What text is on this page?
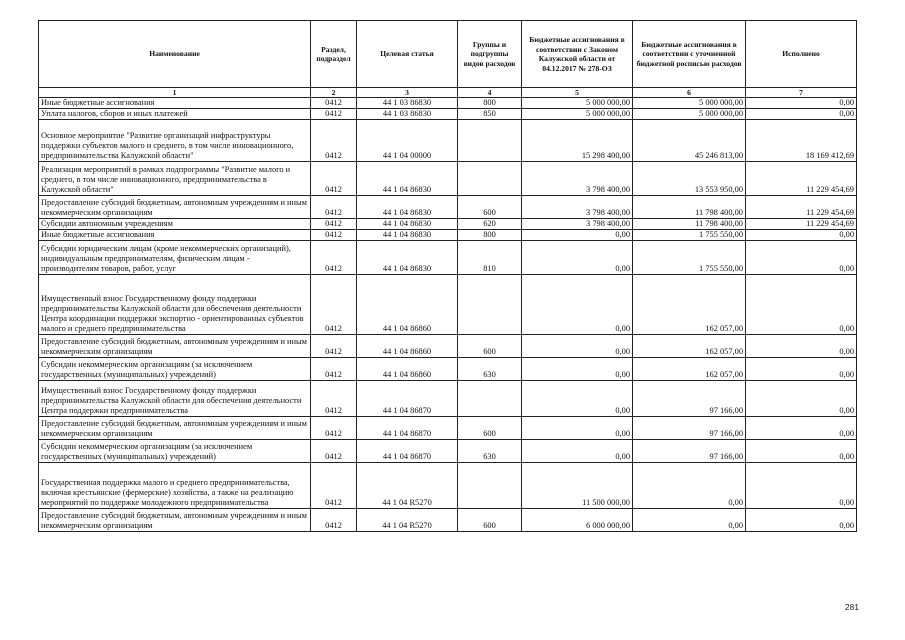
Наименование	Раздел, подраздел	Целевая статья	Группы и подгруппы видов расходов	Бюджетные ассигнования в соответствии с Законом Калужской области от 04.12.2017 № 278-ОЗ	Бюджетные ассигнования в соответствии с уточненной бюджетной росписью расходов	Исполнено
1	2	3	4	5	6	7
Иные бюджетные ассигнования	0412	44 1 03 86830	800	5 000 000,00	5 000 000,00	0,00
Уплата налогов, сборов и иных платежей	0412	44 1 03 86830	850	5 000 000,00	5 000 000,00	0,00
Основное мероприятие "Развитие организаций инфраструктуры поддержки субъектов малого и среднего, в том числе инновационного, предпринимательства Калужской области"	0412	44 1 04 00000		15 298 400,00	45 246 813,00	18 169 412,69
Реализация мероприятий в рамках подпрограммы "Развитие малого и среднего, в том числе инновационного, предпринимательства в Калужской области"	0412	44 1 04 86830		3 798 400,00	13 553 950,00	11 229 454,69
Предоставление субсидий бюджетным, автономным учреждениям и иным некоммерческим организациям	0412	44 1 04 86830	600	3 798 400,00	11 798 400,00	11 229 454,69
Субсидии автономным учреждениям	0412	44 1 04 86830	620	3 798 400,00	11 798 400,00	11 229 454,69
Иные бюджетные ассигнования	0412	44 1 04 86830	800	0,00	1 755 550,00	0,00
Субсидии юридическим лицам (кроме некоммерческих организаций), индивидуальным предпринимателям, физическим лицам - производителям товаров, работ, услуг	0412	44 1 04 86830	810	0,00	1 755 550,00	0,00
Имущественный взнос Государственному фонду поддержки предпринимательства Калужской области для обеспечения деятельности Центра координации поддержки экспортно - ориентированных субъектов малого и среднего предпринимательства	0412	44 1 04 86860		0,00	162 057,00	0,00
Предоставление субсидий бюджетным, автономным учреждениям и иным некоммерческим организациям	0412	44 1 04 86860	600	0,00	162 057,00	0,00
Субсидии некоммерческим организациям (за исключением государственных (муниципальных) учреждений)	0412	44 1 04 86860	630	0,00	162 057,00	0,00
Имущественный взнос Государственному фонду поддержки предпринимательства Калужской области для обеспечения деятельности Центра поддержки предпринимательства	0412	44 1 04 86870		0,00	97 166,00	0,00
Предоставление субсидий бюджетным, автономным учреждениям и иным некоммерческим организациям	0412	44 1 04 86870	600	0,00	97 166,00	0,00
Субсидии некоммерческим организациям (за исключением государственных (муниципальных) учреждений)	0412	44 1 04 86870	630	0,00	97 166,00	0,00
Государственная поддержка малого и среднего предпринимательства, включая крестьянские (фермерские) хозяйства, а также на реализацию мероприятий по поддержке молодежного предпринимательства	0412	44 1 04 R5270		11 500 000,00	0,00	0,00
Предоставление субсидий бюджетным, автономным учреждениям и иным некоммерческим организациям	0412	44 1 04 R5270	600	6 000 000,00	0,00	0,00
281
